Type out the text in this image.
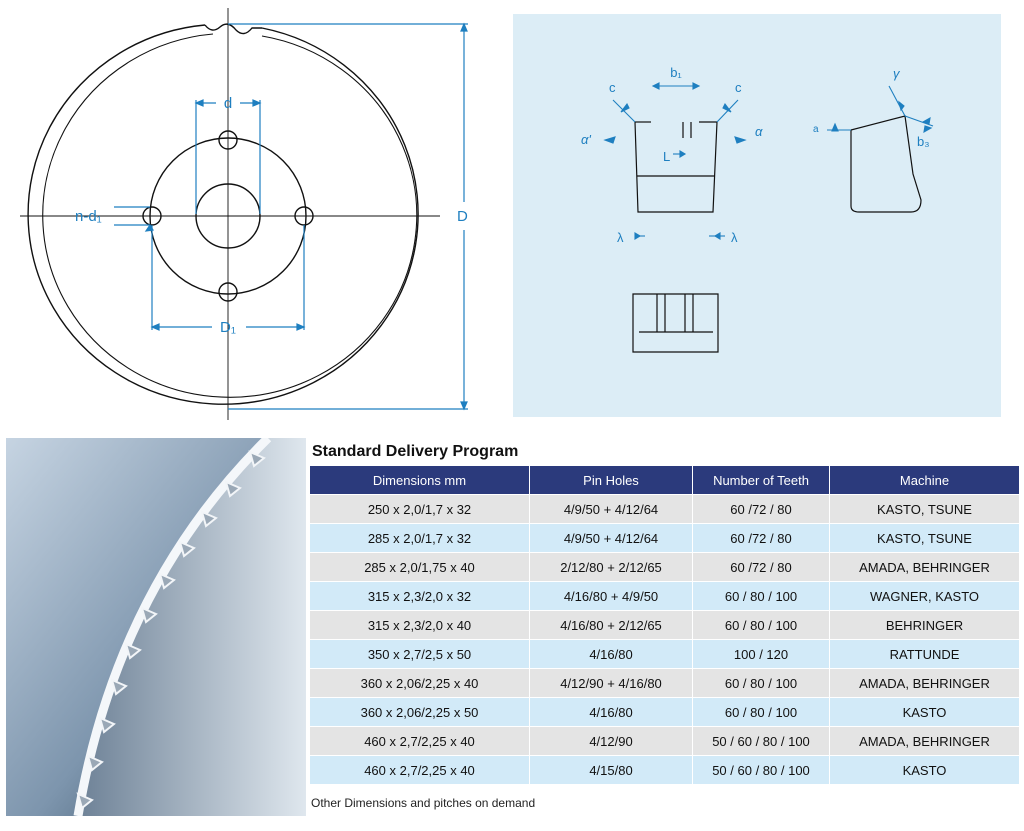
d
n-d₁	D
D₁
b₁
c	c
α'
α
L
λ	λ
γ
b₃
a
Standard Delivery Program
Dimensions mm	Pin Holes	Number of Teeth	Machine
250 x 2,0/1,7 x 32	4/9/50 + 4/12/64	60 /72 / 80	KASTO, TSUNE
285 x 2,0/1,7 x 32	4/9/50 + 4/12/64	60 /72 / 80	KASTO, TSUNE
285 x 2,0/1,75 x 40	2/12/80 + 2/12/65	60 /72 / 80	AMADA, BEHRINGER
315 x 2,3/2,0 x 32	4/16/80 + 4/9/50	60 / 80 / 100	WAGNER, KASTO
315 x 2,3/2,0 x 40	4/16/80 + 2/12/65	60 / 80 / 100	BEHRINGER
350 x 2,7/2,5 x 50	4/16/80	100 / 120	RATTUNDE
360 x 2,06/2,25 x 40	4/12/90 + 4/16/80	60 / 80 / 100	AMADA, BEHRINGER
360 x 2,06/2,25 x 50	4/16/80	60 / 80 / 100	KASTO
460 x 2,7/2,25 x 40	4/12/90	50 / 60 / 80 / 100	AMADA, BEHRINGER
460 x 2,7/2,25 x 40	4/15/80	50 / 60 / 80 / 100	KASTO
Other Dimensions and pitches on demand
